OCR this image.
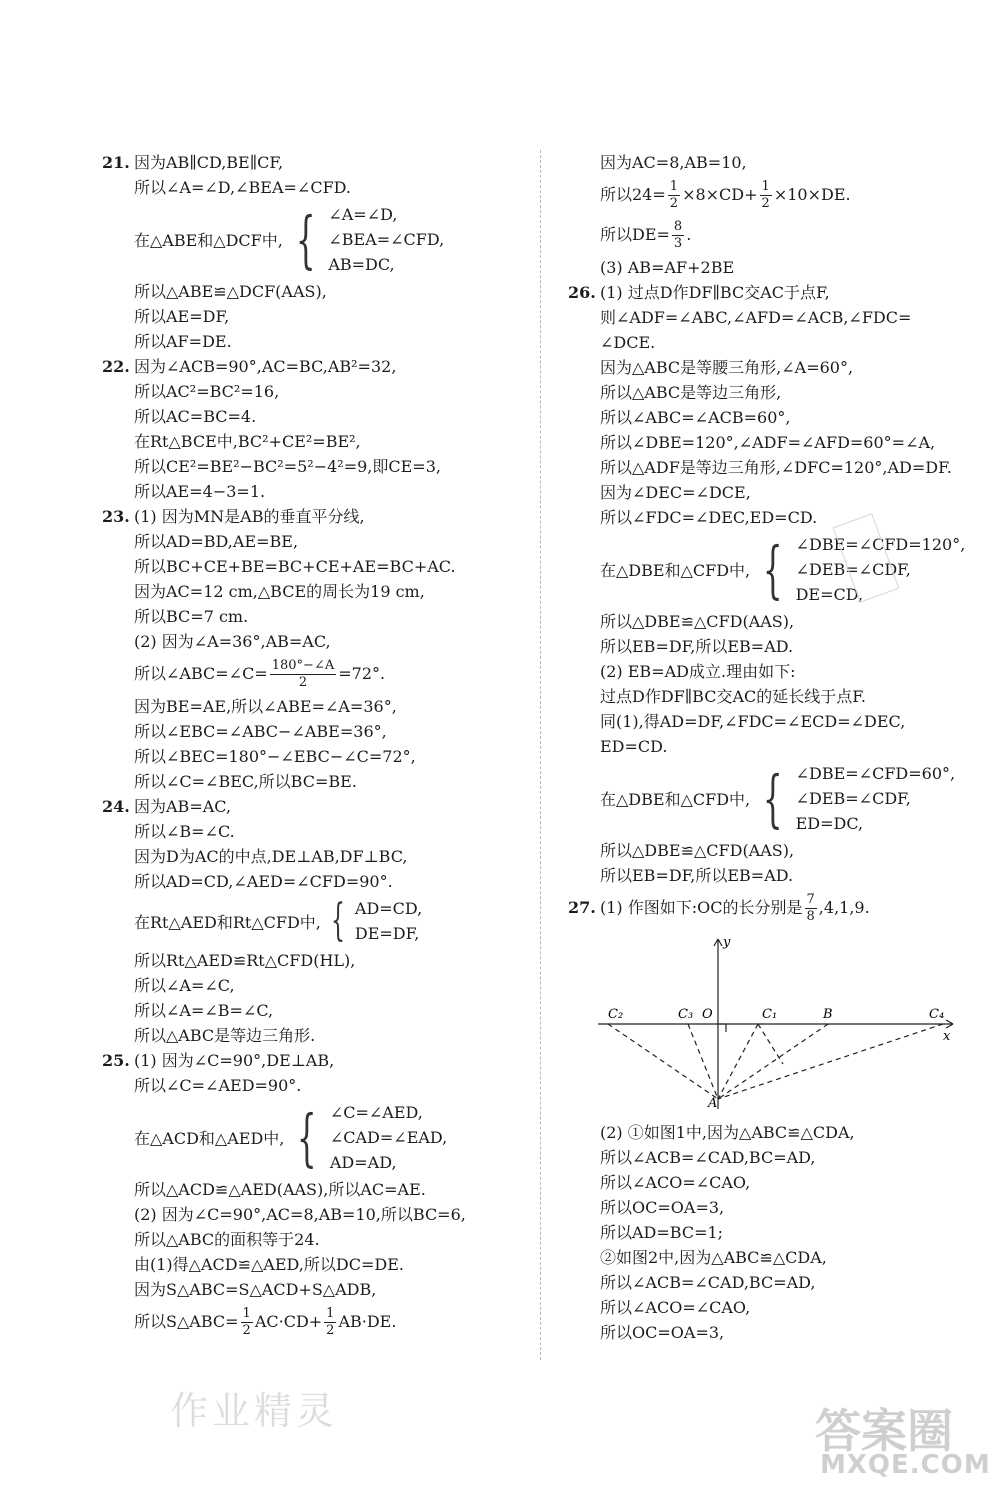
21. 因为AB∥CD,BE∥CF,
所以∠A=∠D,∠BEA=∠CFD.
在△ABE和△DCF中, { ∠A=∠D,
∠BEA=∠CFD,
AB=DC,
所以△ABE≌△DCF(AAS),
所以AE=DF,
所以AF=DE.
22. 因为∠ACB=90°,AC=BC,AB²=32,
所以AC²=BC²=16,
所以AC=BC=4.
在Rt△BCE中,BC²+CE²=BE²,
所以CE²=BE²−BC²=5²−4²=9,即CE=3,
所以AE=4−3=1.
23. (1) 因为MN是AB的垂直平分线,
所以AD=BD,AE=BE,
所以BC+CE+BE=BC+CE+AE=BC+AC.
因为AC=12 cm,△BCE的周长为19 cm,
所以BC=7 cm.
(2) 因为∠A=36°,AB=AC,
所以∠ABC=∠C= $\frac{180^\circ-\angle A}{2} =72^\circ$.
因为BE=AE,所以∠ABE=∠A=36°,
所以∠EBC=∠ABC−∠ABE=36°,
所以∠BEC=180°−∠EBC−∠C=72°,
所以∠C=∠BEC,所以BC=BE.
24. 因为AB=AC,
所以∠B=∠C.
因为D为AC的中点,DE⊥AB,DF⊥BC,
所以AD=CD,∠AED=∠CFD=90°.
在Rt△AED和Rt△CFD中, { AD=CD,
DE=DF,
所以Rt△AED≌Rt△CFD(HL),
所以∠A=∠C,
所以∠A=∠B=∠C,
所以△ABC是等边三角形.
25. (1) 因为∠C=90°,DE⊥AB,
所以∠C=∠AED=90°.
在△ACD和△AED中, { ∠C=∠AED,
∠CAD=∠EAD,
AD=AD,
所以△ACD≌△AED(AAS),所以AC=AE.
(2) 因为∠C=90°,AC=8,AB=10,所以BC=6,
所以△ABC的面积等于24.
由(1)得△ACD≌△AED,所以DC=DE.
因为S△ABC=S△ACD+S△ADB,
所以S△ABC= $\frac{1}{2} AC\cdot CD+ \frac{1}{2} AB\cdot DE$.
因为AC=8,AB=10,
所以$24= \frac{1}{2} \times 8\times CD+ \frac{1}{2} \times 10\times DE$.
所以$DE= \frac{8}{3}$ .
(3) AB=AF+2BE
26. (1) 过点D作DF∥BC交AC于点F,
则∠ADF=∠ABC,∠AFD=∠ACB,∠FDC=
∠DCE.
因为△ABC是等腰三角形,∠A=60°,
所以△ABC是等边三角形,
所以∠ABC=∠ACB=60°,
所以∠DBE=120°,∠ADF=∠AFD=60°=∠A,
所以△ADF是等边三角形,∠DFC=120°,AD=DF.
因为∠DEC=∠DCE,
所以∠FDC=∠DEC,ED=CD.
在△DBE和△CFD中, { ∠DBE=∠CFD=120°,
∠DEB=∠CDF,
DE=CD,
所以△DBE≌△CFD(AAS),
所以EB=DF,所以EB=AD.
(2) EB=AD成立.理由如下:
过点D作DF∥BC交AC的延长线于点F.
同(1),得AD=DF,∠FDC=∠ECD=∠DEC,
ED=CD.
在△DBE和△CFD中, { ∠DBE=∠CFD=60°,
∠DEB=∠CDF,
ED=DC,
所以△DBE≌△CFD(AAS),
所以EB=DF,所以EB=AD.
27. (1) 作图如下:OC的长分别是 $\frac{7}{8} ,4,1,9$.
y
x
O
A
B
C₁
C₂	C₃	C₄
(2) ①如图1中,因为△ABC≌△CDA,
所以∠ACB=∠CAD,BC=AD,
所以∠ACO=∠CAO,
所以OC=OA=3,
所以AD=BC=1;
②如图2中,因为△ABC≌△CDA,
所以∠ACB=∠CAD,BC=AD,
所以∠ACO=∠CAO,
所以OC=OA=3,
作业精灵	答案圈
MXQE.COM
